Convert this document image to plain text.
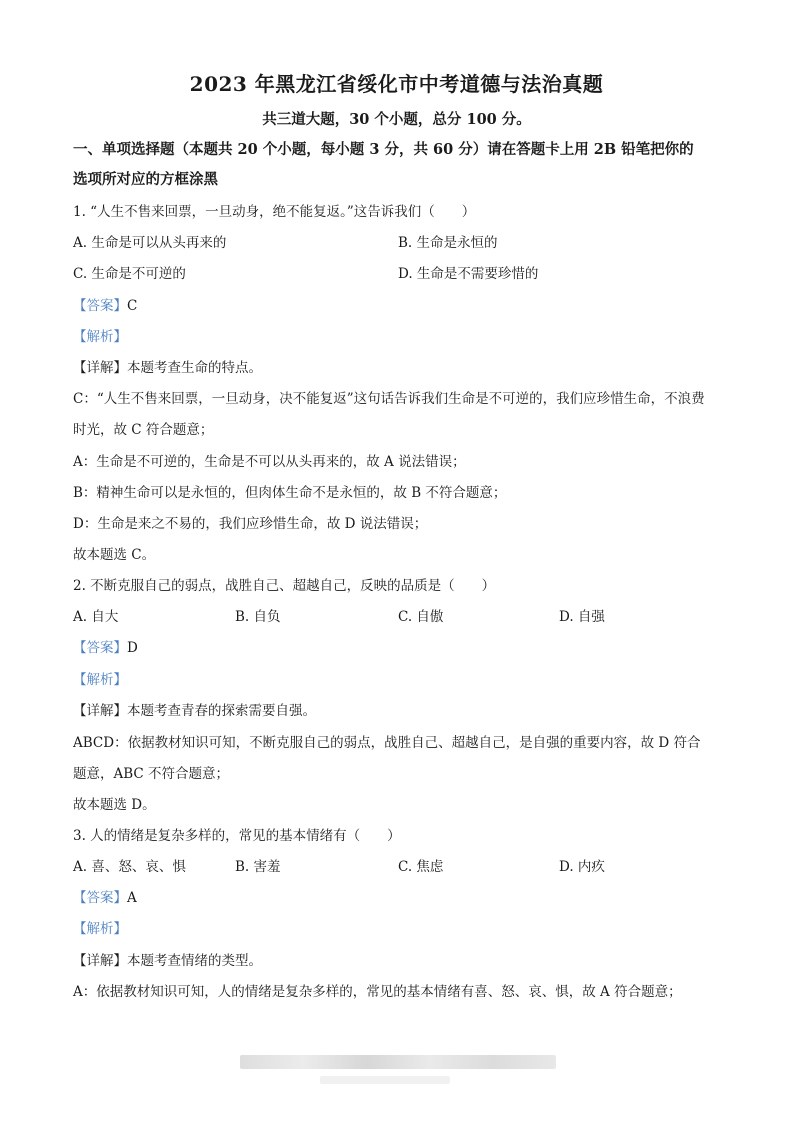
2023 年黑龙江省绥化市中考道德与法治真题
共三道大题，30 个小题，总分 100 分。
一、单项选择题（本题共 20 个小题，每小题 3 分，共 60 分）请在答题卡上用 2B 铅笔把你的
选项所对应的方框涂黑
1. “人生不售来回票，一旦动身，绝不能复返。”这告诉我们（　　）
A. 生命是可以从头再来的	B. 生命是永恒的
C. 生命是不可逆的	D. 生命是不需要珍惜的
【答案】C
【解析】
【详解】本题考查生命的特点。
C：“人生不售来回票，一旦动身，决不能复返”这句话告诉我们生命是不可逆的，我们应珍惜生命，不浪费
时光，故 C 符合题意；
A：生命是不可逆的，生命是不可以从头再来的，故 A 说法错误；
B：精神生命可以是永恒的，但肉体生命不是永恒的，故 B 不符合题意；
D：生命是来之不易的，我们应珍惜生命，故 D 说法错误；
故本题选 C。
2. 不断克服自己的弱点，战胜自己、超越自己，反映的品质是（　　）
A. 自大	B. 自负	C. 自傲	D. 自强
【答案】D
【解析】
【详解】本题考查青春的探索需要自强。
ABCD：依据教材知识可知，不断克服自己的弱点，战胜自己、超越自己，是自强的重要内容，故 D 符合
题意，ABC 不符合题意；
故本题选 D。
3. 人的情绪是复杂多样的，常见的基本情绪有（　　）
A. 喜、怒、哀、惧	B. 害羞	C. 焦虑	D. 内疚
【答案】A
【解析】
【详解】本题考查情绪的类型。
A：依据教材知识可知，人的情绪是复杂多样的，常见的基本情绪有喜、怒、哀、惧，故 A 符合题意；
